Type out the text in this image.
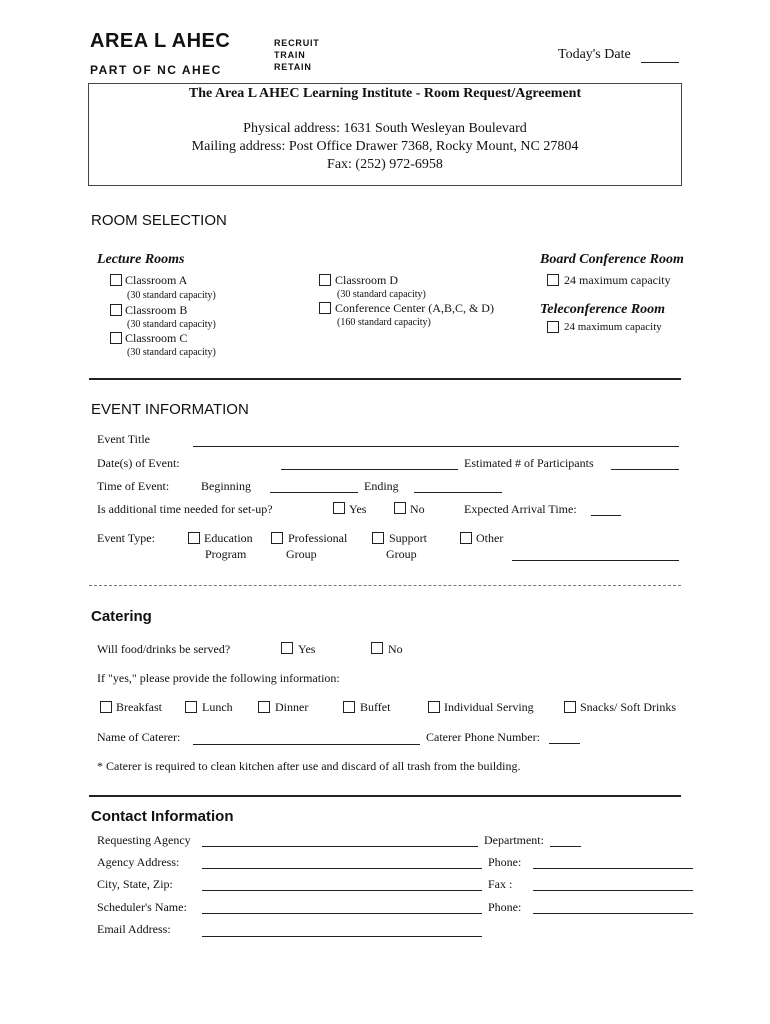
AREA L AHEC
PART OF NC AHEC
RECRUIT
TRAIN
RETAIN
Today's Date
The Area L AHEC Learning Institute - Room Request/Agreement
Physical address: 1631 South Wesleyan Boulevard
Mailing address: Post Office Drawer 7368, Rocky Mount, NC 27804
Fax: (252) 972-6958
ROOM SELECTION
Lecture Rooms	Board Conference Room
Classroom A
(30 standard capacity)
Classroom B
(30 standard capacity)
Classroom C
(30 standard capacity)
Classroom D
(30 standard capacity)
Conference Center (A,B,C, & D)
(160 standard capacity)
24 maximum capacity
Teleconference Room
24 maximum capacity
EVENT INFORMATION
Event Title
Date(s) of Event:	Estimated # of Participants
Time of Event:	Beginning	Ending
Is additional time needed for set-up?	Yes	No	Expected Arrival Time:
Event Type:	Education
Program
Professional
Group
Support
Group
Other
Catering
Will food/drinks be served?	Yes	No
If "yes," please provide the following information:
Breakfast	Lunch	Dinner	Buffet	Individual Serving	Snacks/ Soft Drinks
Name of Caterer:	Caterer Phone Number:
* Caterer is required to clean kitchen after use and discard of all trash from the building.
Contact Information
Requesting Agency	Department:
Agency Address:	Phone:
City, State, Zip:	Fax :
Scheduler's Name:	Phone:
Email Address:
